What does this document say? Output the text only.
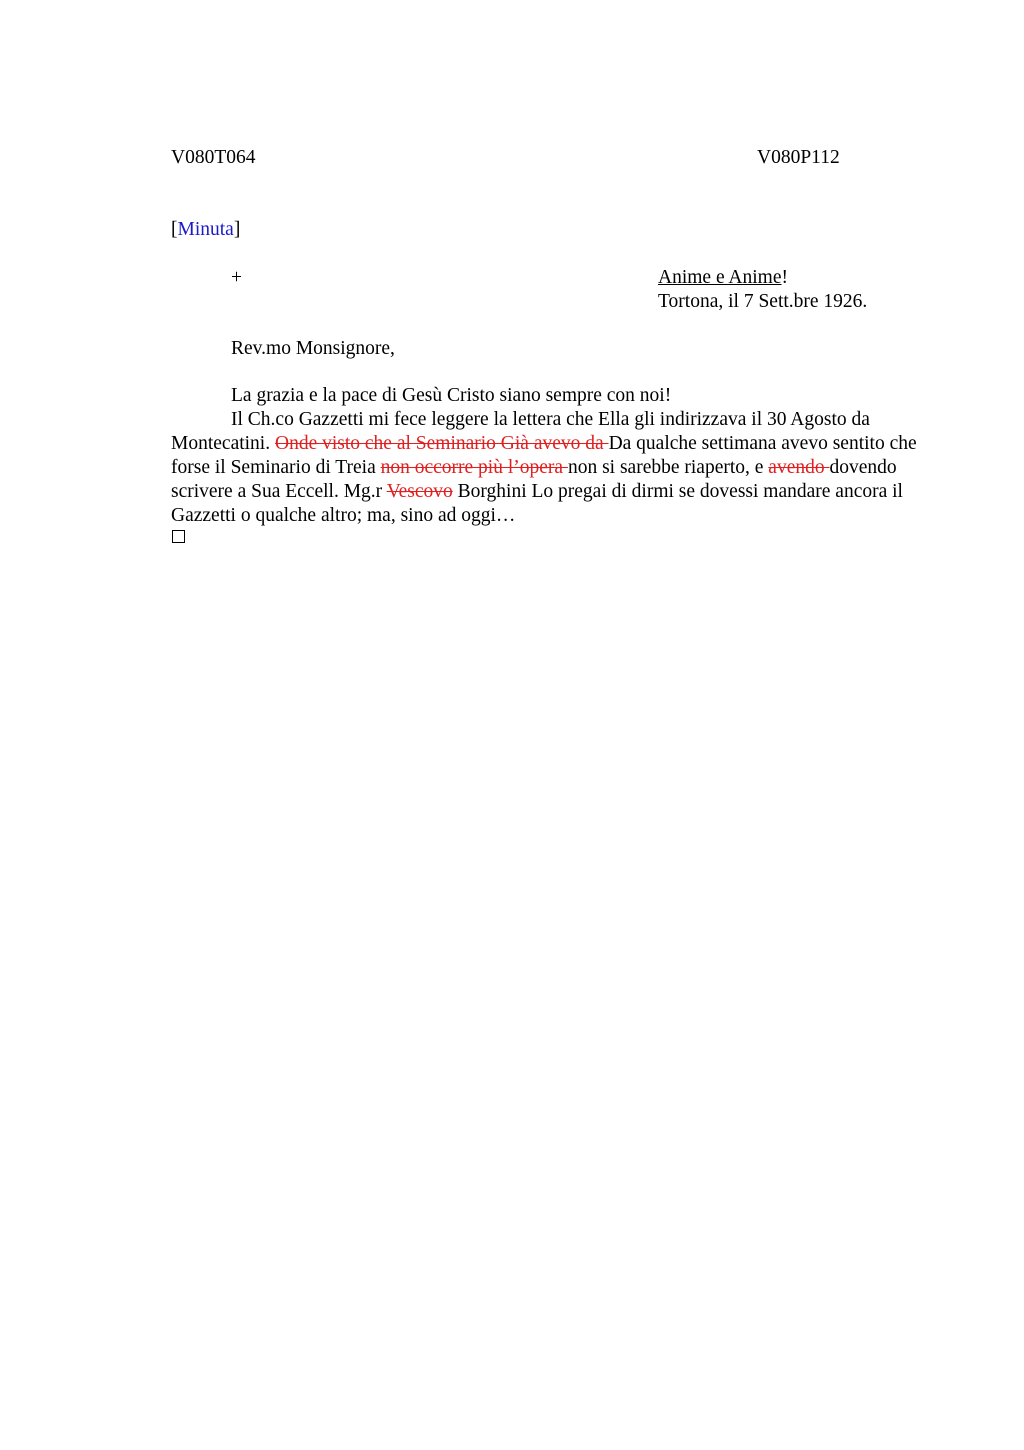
V080T064	V080P112
[Minuta]
+	Anime e Anime!
Tortona, il 7 Sett.bre 1926.
Rev.mo Monsignore,

La grazia e la pace di Gesù Cristo siano sempre con noi!

Il Ch.co Gazzetti mi fece leggere la lettera che Ella gli indirizzava il 30 Agosto da Montecatini. Onde visto che al Seminario Già avevo da Da qualche settimana avevo sentito che forse il Seminario di Treia non occorre più l’opera non si sarebbe riaperto, e avendo dovendo scrivere a Sua Eccell. Mg.r Vescovo Borghini Lo pregai di dirmi se dovessi mandare ancora il Gazzetti o qualche altro; ma, sino ad oggi…
